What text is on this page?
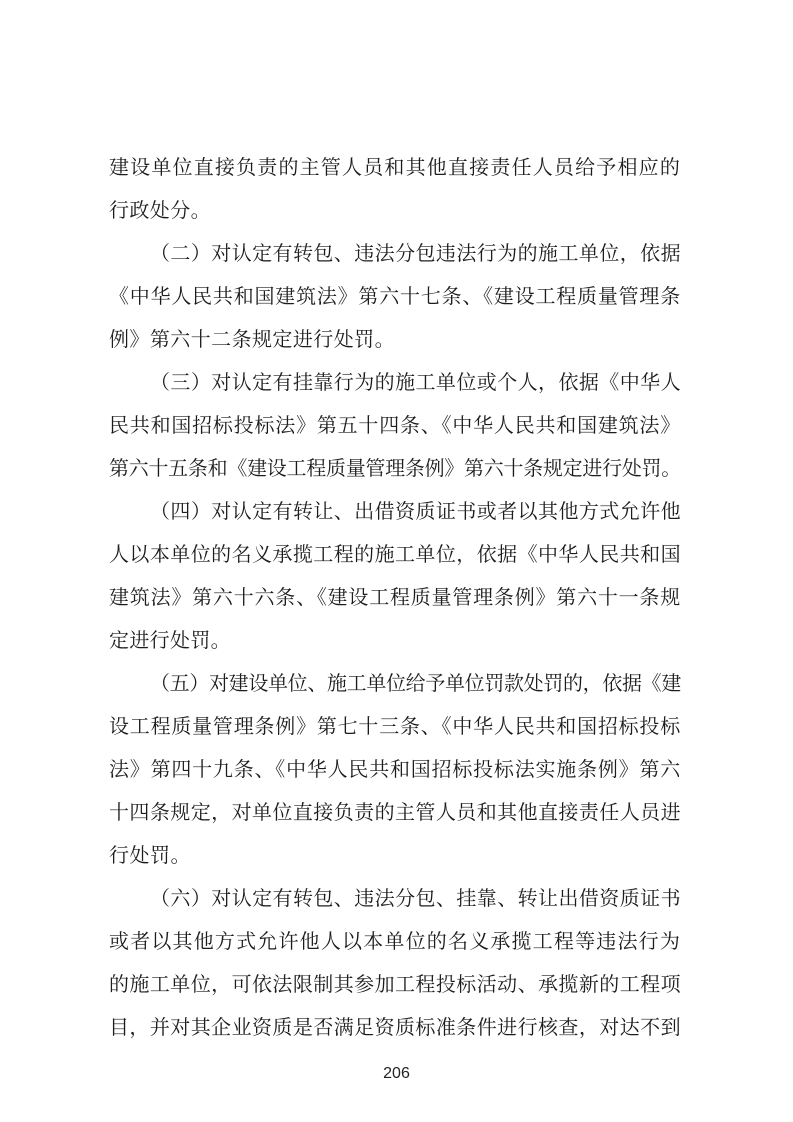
建设单位直接负责的主管人员和其他直接责任人员给予相应的
行政处分。
（二）对认定有转包、违法分包违法行为的施工单位，依据
《中华人民共和国建筑法》第六十七条、《建设工程质量管理条
例》第六十二条规定进行处罚。
（三）对认定有挂靠行为的施工单位或个人，依据《中华人
民共和国招标投标法》第五十四条、《中华人民共和国建筑法》
第六十五条和《建设工程质量管理条例》第六十条规定进行处罚。
（四）对认定有转让、出借资质证书或者以其他方式允许他
人以本单位的名义承揽工程的施工单位，依据《中华人民共和国
建筑法》第六十六条、《建设工程质量管理条例》第六十一条规
定进行处罚。
（五）对建设单位、施工单位给予单位罚款处罚的，依据《建
设工程质量管理条例》第七十三条、《中华人民共和国招标投标
法》第四十九条、《中华人民共和国招标投标法实施条例》第六
十四条规定，对单位直接负责的主管人员和其他直接责任人员进
行处罚。
（六）对认定有转包、违法分包、挂靠、转让出借资质证书
或者以其他方式允许他人以本单位的名义承揽工程等违法行为
的施工单位，可依法限制其参加工程投标活动、承揽新的工程项
目，并对其企业资质是否满足资质标准条件进行核查，对达不到
206
